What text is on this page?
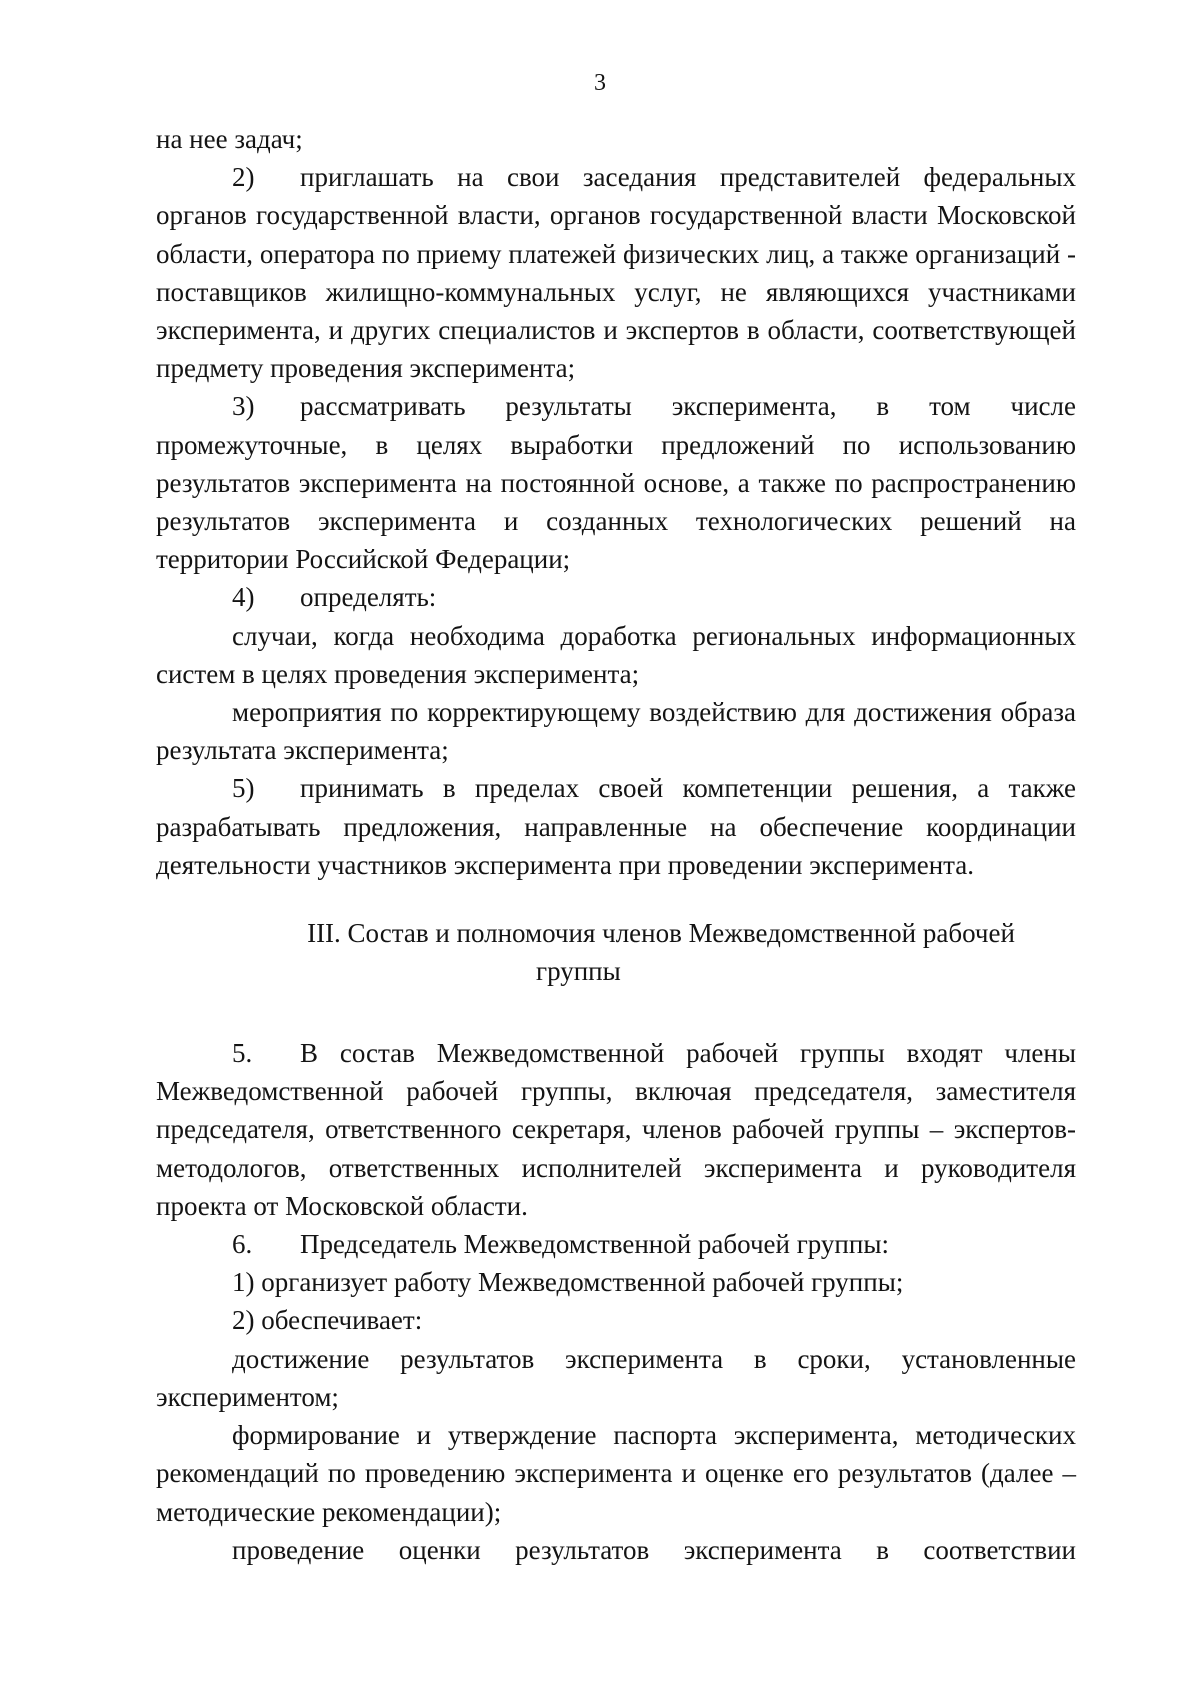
3

на нее задач;

2) приглашать на свои заседания представителей федеральных органов государственной власти, органов государственной власти Московской области, оператора по приему платежей физических лиц, а также организаций - поставщиков жилищно-коммунальных услуг, не являющихся участниками эксперимента, и других специалистов и экспертов в области, соответствующей предмету проведения эксперимента;

3) рассматривать результаты эксперимента, в том числе промежуточные, в целях выработки предложений по использованию результатов эксперимента на постоянной основе, а также по распространению результатов эксперимента и созданных технологических решений на территории Российской Федерации;

4) определять:

случаи, когда необходима доработка региональных информационных систем в целях проведения эксперимента;

мероприятия по корректирующему воздействию для достижения образа результата эксперимента;

5) принимать в пределах своей компетенции решения, а также разрабатывать предложения, направленные на обеспечение координации деятельности участников эксперимента при проведении эксперимента.

III. Состав и полномочия членов Межведомственной рабочей
группы

5. В состав Межведомственной рабочей группы входят члены Межведомственной рабочей группы, включая председателя, заместителя председателя, ответственного секретаря, членов рабочей группы – экспертов-методологов, ответственных исполнителей эксперимента и руководителя проекта от Московской области.

6. Председатель Межведомственной рабочей группы:

1) организует работу Межведомственной рабочей группы;

2) обеспечивает:

достижение результатов эксперимента в сроки, установленные экспериментом;

формирование и утверждение паспорта эксперимента, методических рекомендаций по проведению эксперимента и оценке его результатов (далее – методические рекомендации);

проведение оценки результатов эксперимента в соответствии
